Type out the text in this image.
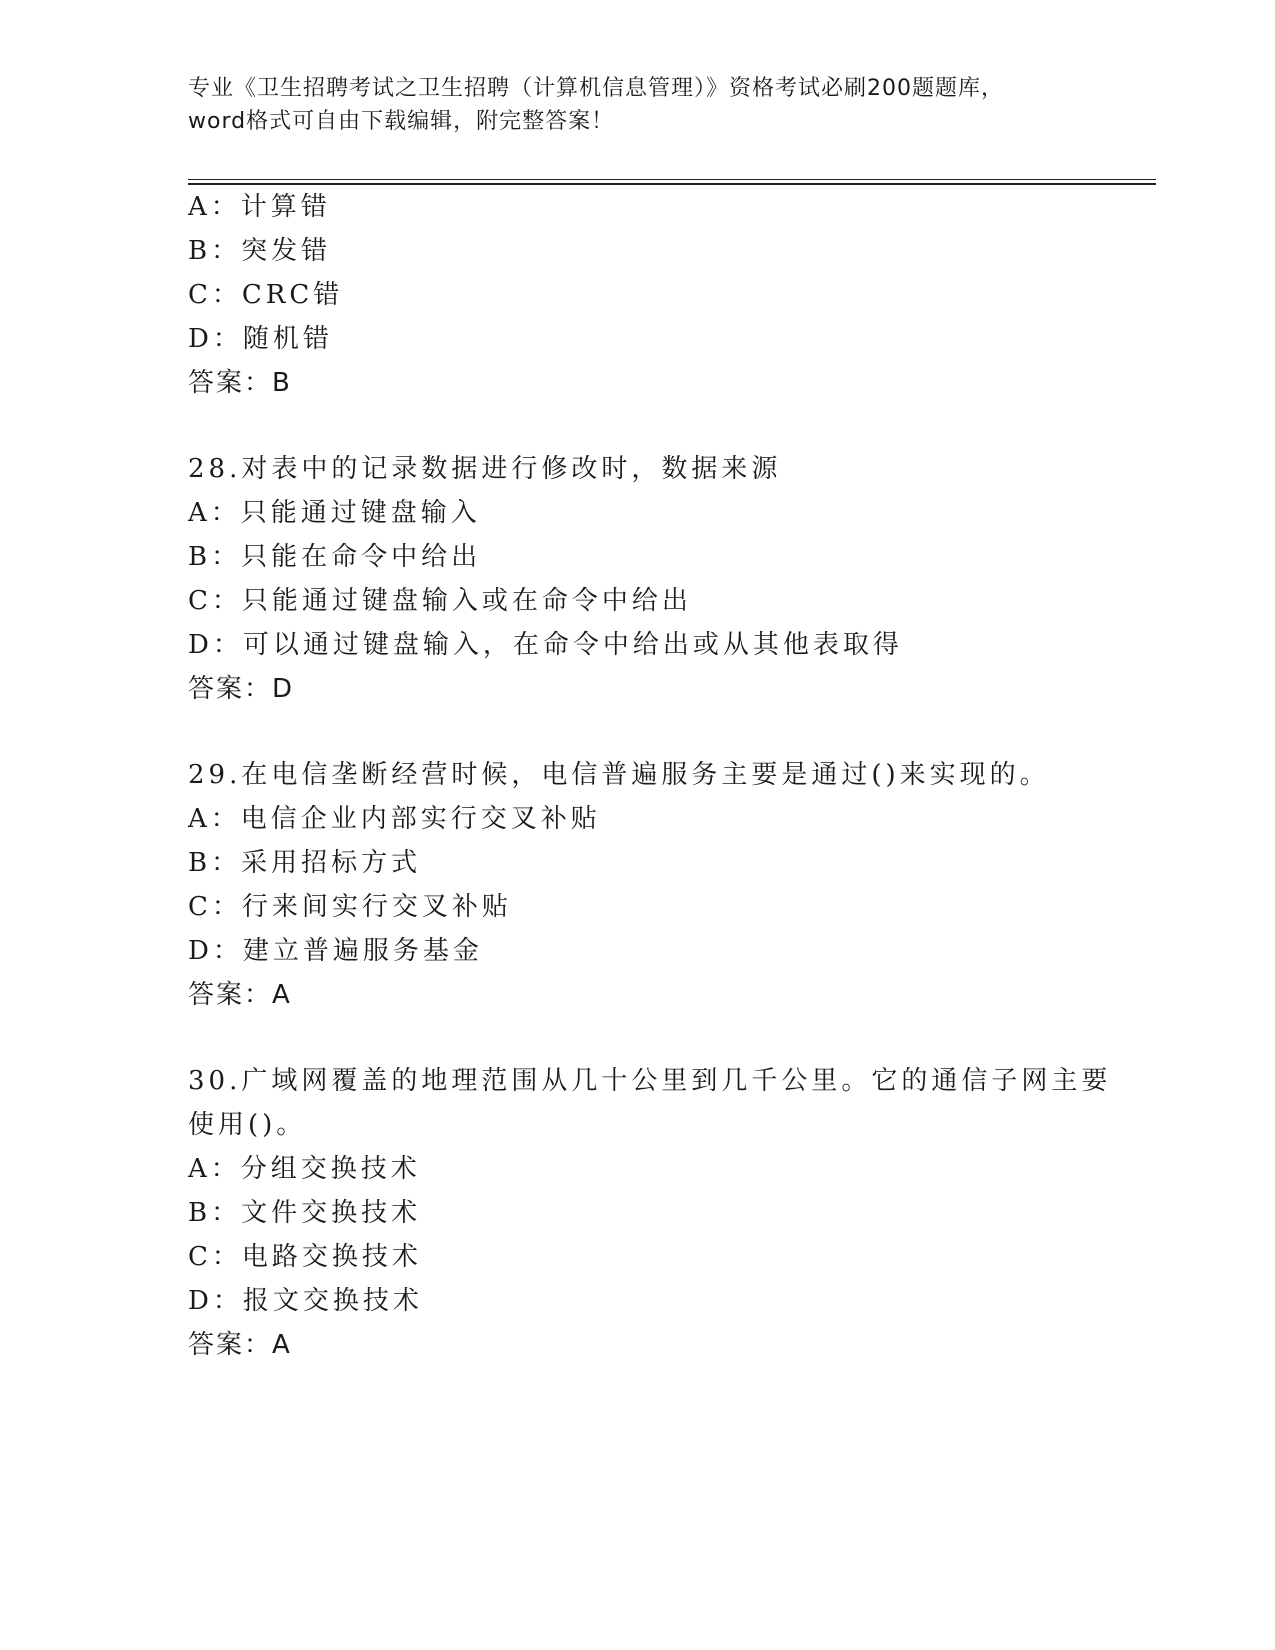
专业《卫生招聘考试之卫生招聘（计算机信息管理）》资格考试必刷200题题库，
word格式可自由下载编辑，附完整答案！
A：计算错
B：突发错
C：CRC错
D：随机错
答案：B
28.对表中的记录数据进行修改时，数据来源
A：只能通过键盘输入
B：只能在命令中给出
C：只能通过键盘输入或在命令中给出
D：可以通过键盘输入，在命令中给出或从其他表取得
答案：D
29.在电信垄断经营时候，电信普遍服务主要是通过()来实现的。
A：电信企业内部实行交叉补贴
B：采用招标方式
C：行来间实行交叉补贴
D：建立普遍服务基金
答案：A
30.广域网覆盖的地理范围从几十公里到几千公里。它的通信子网主要
使用()。
A：分组交换技术
B：文件交换技术
C：电路交换技术
D：报文交换技术
答案：A
